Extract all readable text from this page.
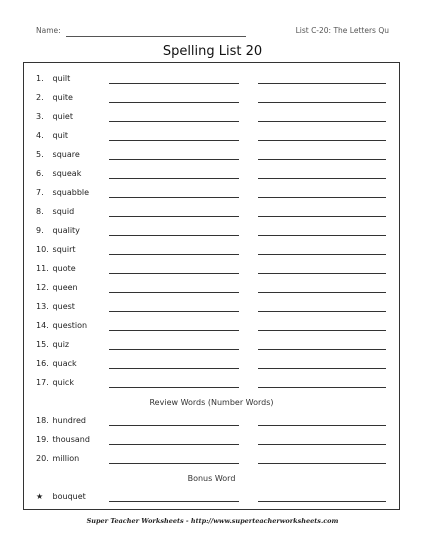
Name:	List C-20: The Letters Qu
Spelling List 20
1. quilt
2. quite
3. quiet
4. quit
5. square
6. squeak
7. squabble
8. squid
9. quality
10. squirt
11. quote
12. queen
13. quest
14. question
15. quiz
16. quack
17. quick
Review Words (Number Words)
18. hundred
19. thousand
20. million
Bonus Word
★ bouquet
Super Teacher Worksheets - http://www.superteacherworksheets.com
